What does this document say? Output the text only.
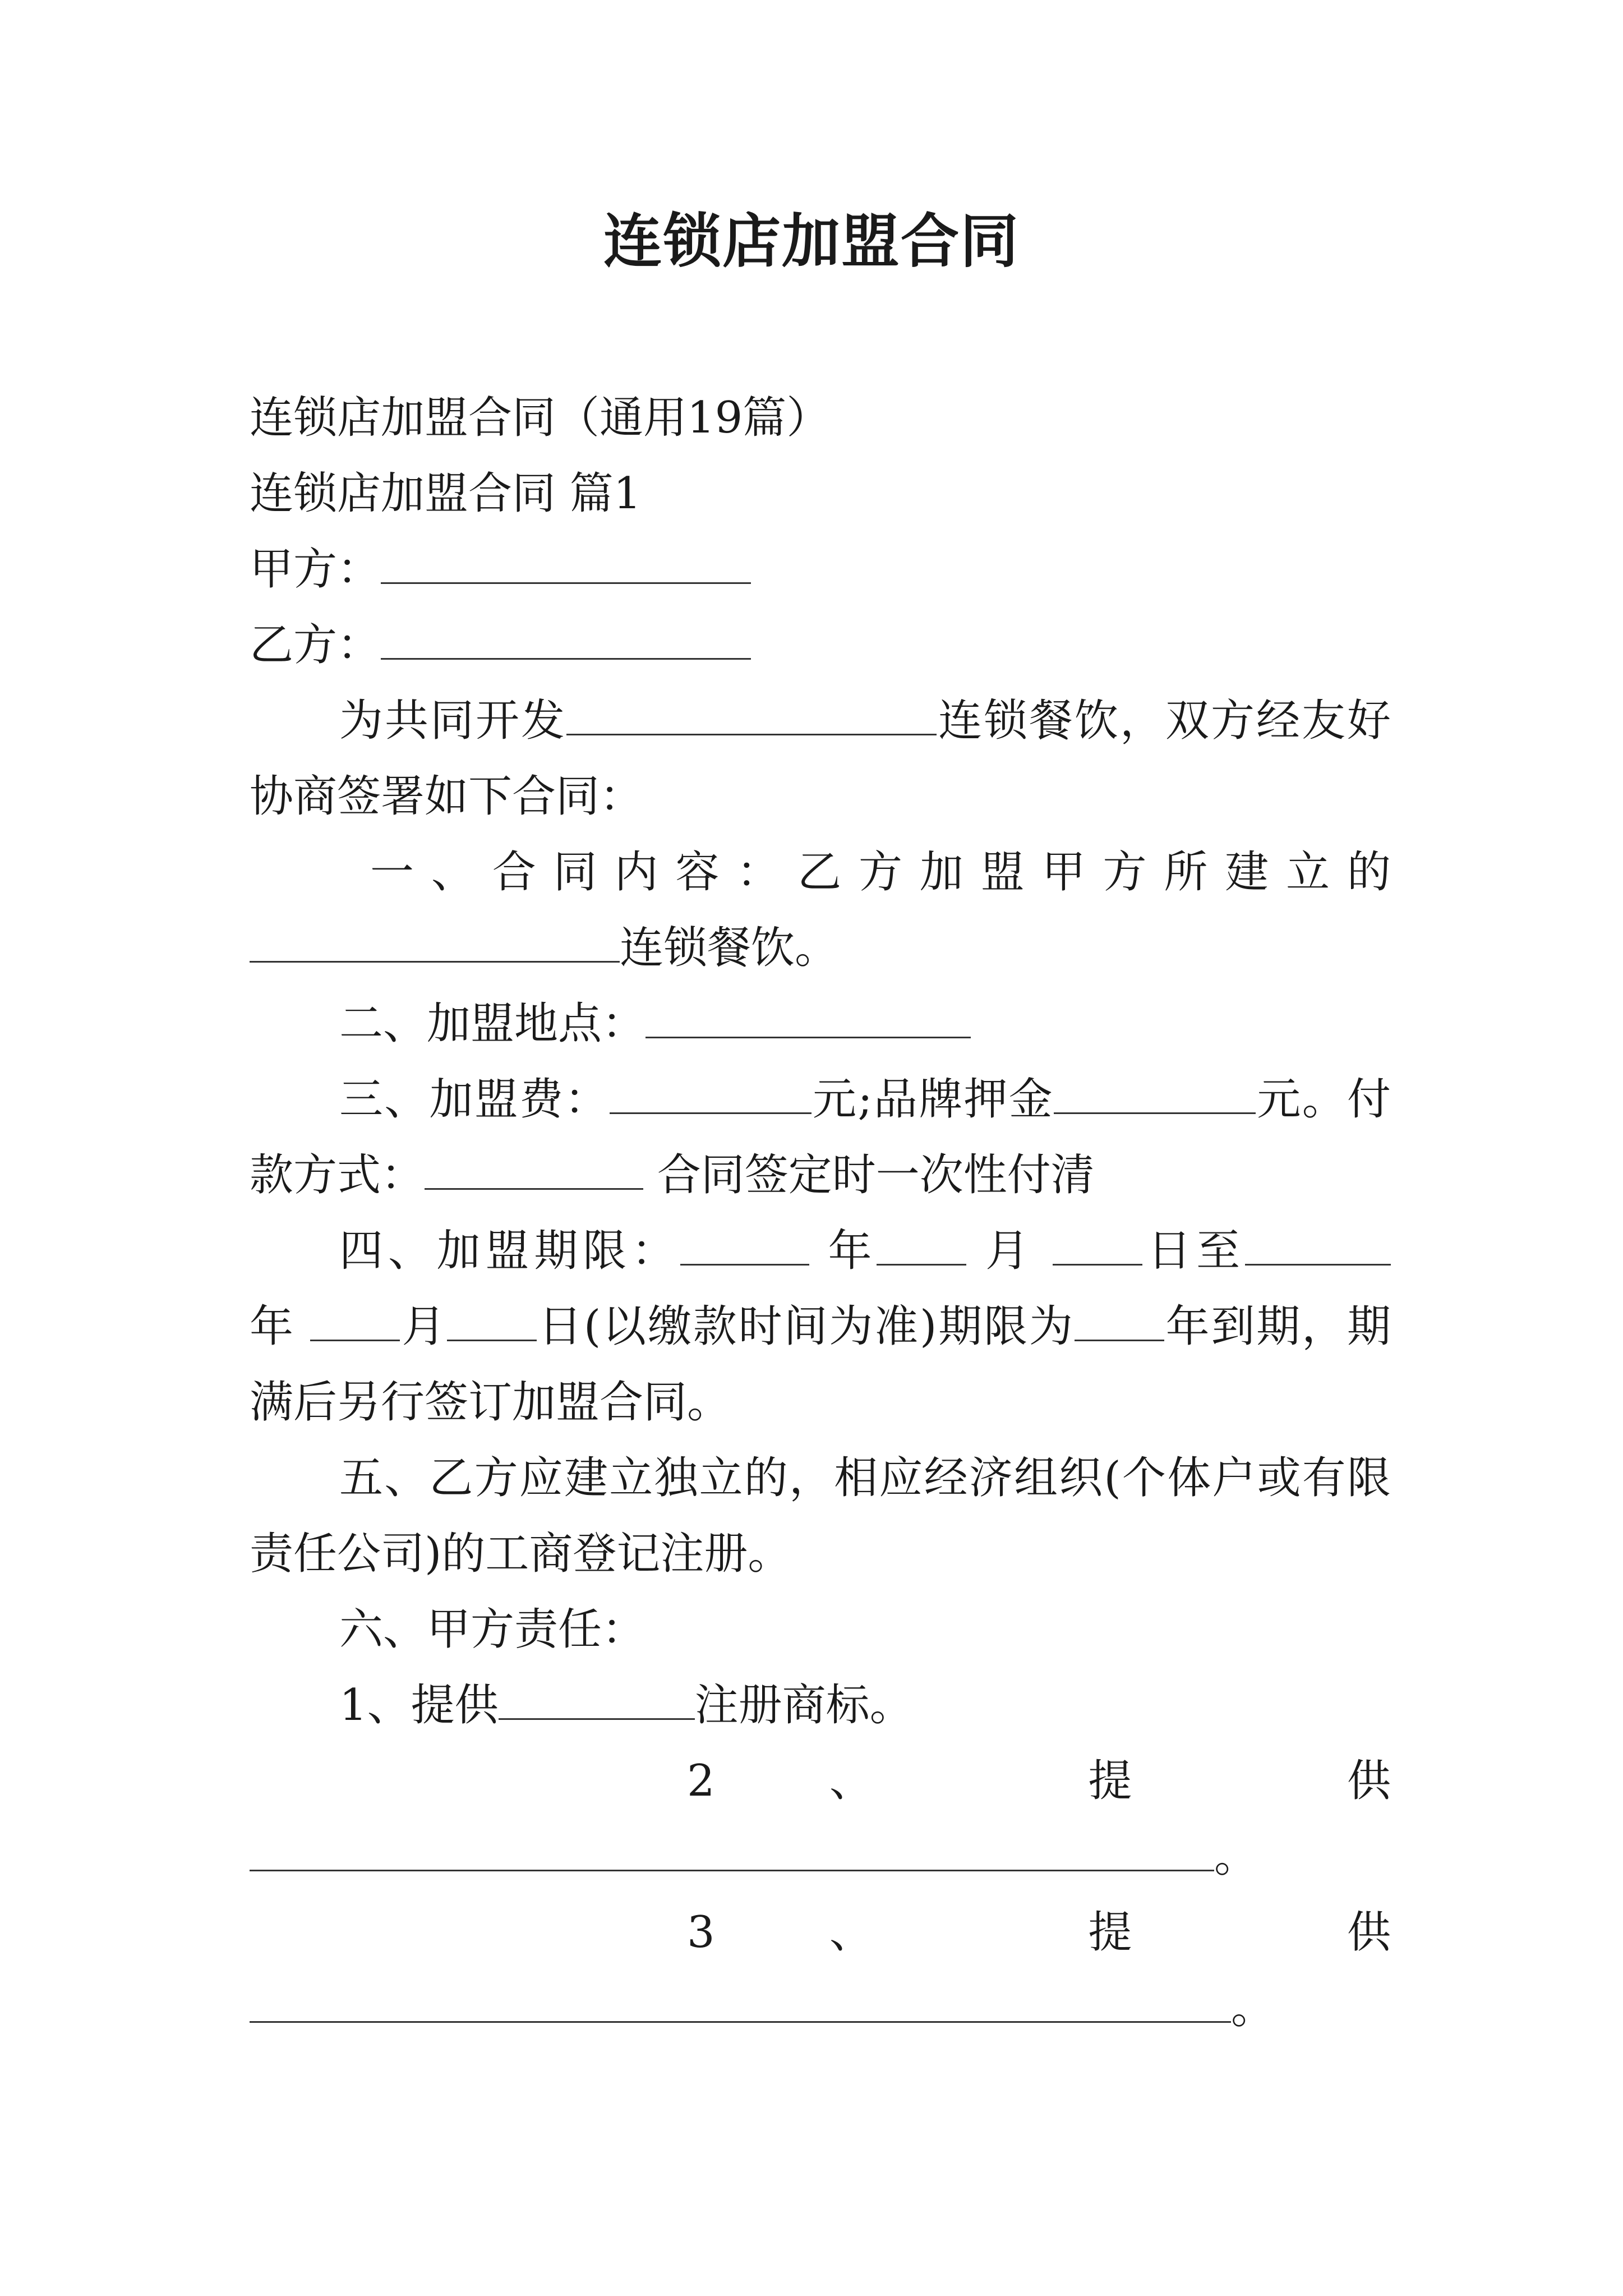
连锁店加盟合同
连锁店加盟合同（通用19篇）
连锁店加盟合同 篇1
甲方：
乙方：
为共同开发	连锁餐饮，双方经友好
协商签署如下合同：
一、合同内容：乙方加盟甲方所建立的
连锁餐饮。
二、加盟地点：
三、加盟费：	元;品牌押金	元。付
款方式：	合同签定时一次性付清
四、加盟期限：	年 月 日至
年 月 日(以缴款时间为准)期限为 年到期，期
满后另行签订加盟合同。
五、乙方应建立独立的，相应经济组织(个体户或有限
责任公司)的工商登记注册。
六、甲方责任：
1、提供	注册商标。
2	、	提	供
。
3	、	提	供
。
